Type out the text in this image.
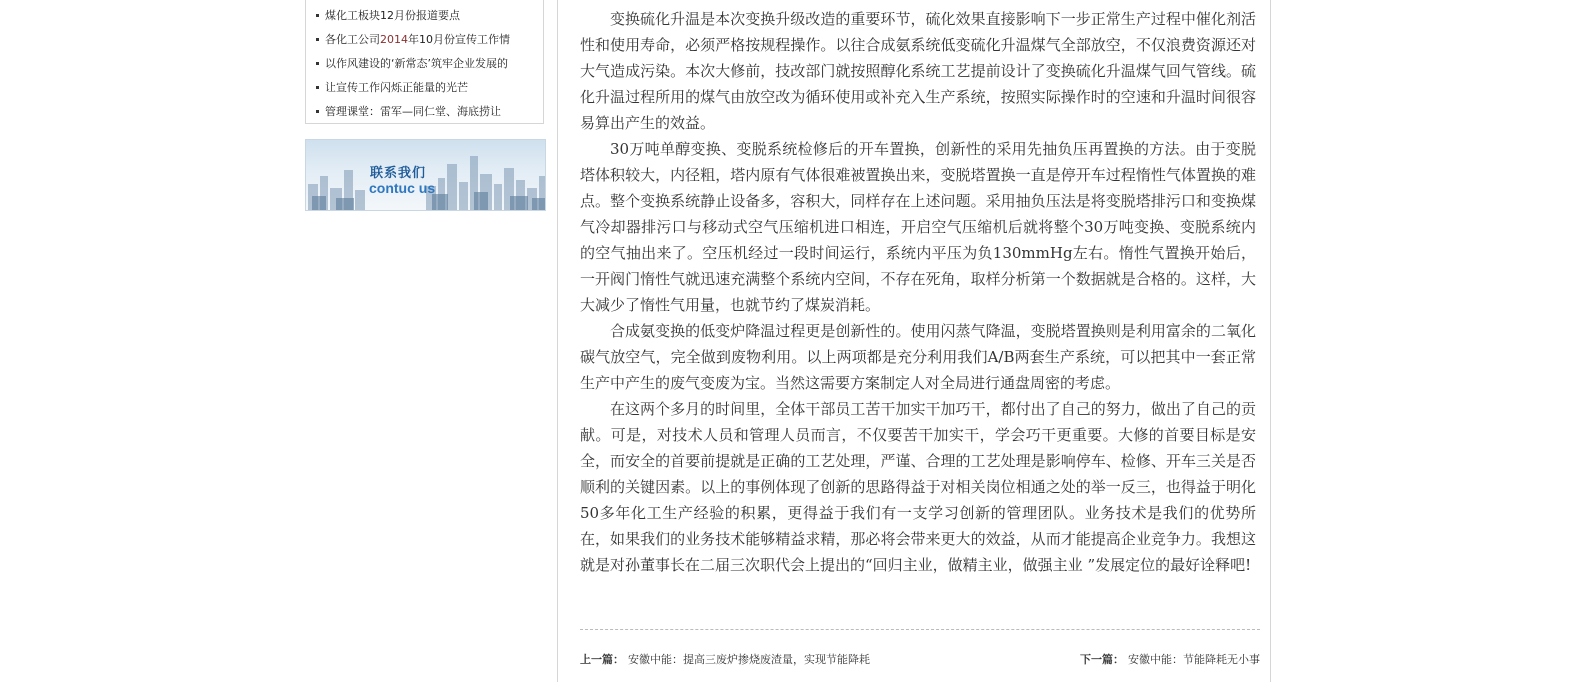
煤化工板块12月份报道要点
各化工公司2014年10月份宣传工作情
以作风建设的‘新常态’筑牢企业发展的
让宣传工作闪烁正能量的光芒
管理课堂：雷军—同仁堂、海底捞让
联系我们
contuc us

变换硫化升温是本次变换升级改造的重要环节，硫化效果直接影响下一步正常生产过程中催化剂活性和使用寿命，必须严格按规程操作。以往合成氨系统低变硫化升温煤气全部放空，不仅浪费资源还对大气造成污染。本次大修前，技改部门就按照醇化系统工艺提前设计了变换硫化升温煤气回气管线。硫化升温过程所用的煤气由放空改为循环使用或补充入生产系统，按照实际操作时的空速和升温时间很容易算出产生的效益。

30万吨单醇变换、变脱系统检修后的开车置换，创新性的采用先抽负压再置换的方法。由于变脱塔体积较大，内径粗，塔内原有气体很难被置换出来，变脱塔置换一直是停开车过程惰性气体置换的难点。整个变换系统静止设备多，容积大，同样存在上述问题。采用抽负压法是将变脱塔排污口和变换煤气冷却器排污口与移动式空气压缩机进口相连，开启空气压缩机后就将整个30万吨变换、变脱系统内的空气抽出来了。空压机经过一段时间运行，系统内平压为负130mmHg左右。惰性气置换开始后，一开阀门惰性气就迅速充满整个系统内空间，不存在死角，取样分析第一个数据就是合格的。这样，大大减少了惰性气用量，也就节约了煤炭消耗。

合成氨变换的低变炉降温过程更是创新性的。使用闪蒸气降温，变脱塔置换则是利用富余的二氧化碳气放空气，完全做到废物利用。以上两项都是充分利用我们A/B两套生产系统，可以把其中一套正常生产中产生的废气变废为宝。当然这需要方案制定人对全局进行通盘周密的考虑。

在这两个多月的时间里，全体干部员工苦干加实干加巧干，都付出了自己的努力，做出了自己的贡献。可是，对技术人员和管理人员而言，不仅要苦干加实干，学会巧干更重要。大修的首要目标是安全，而安全的首要前提就是正确的工艺处理，严谨、合理的工艺处理是影响停车、检修、开车三关是否顺利的关键因素。以上的事例体现了创新的思路得益于对相关岗位相通之处的举一反三，也得益于明化50多年化工生产经验的积累，更得益于我们有一支学习创新的管理团队。业务技术是我们的优势所在，如果我们的业务技术能够精益求精，那必将会带来更大的效益，从而才能提高企业竞争力。我想这就是对孙董事长在二届三次职代会上提出的“回归主业，做精主业，做强主业 ”发展定位的最好诠释吧!

上一篇： 安徽中能：提高三废炉掺烧废渣量，实现节能降耗	下一篇： 安徽中能：节能降耗无小事
